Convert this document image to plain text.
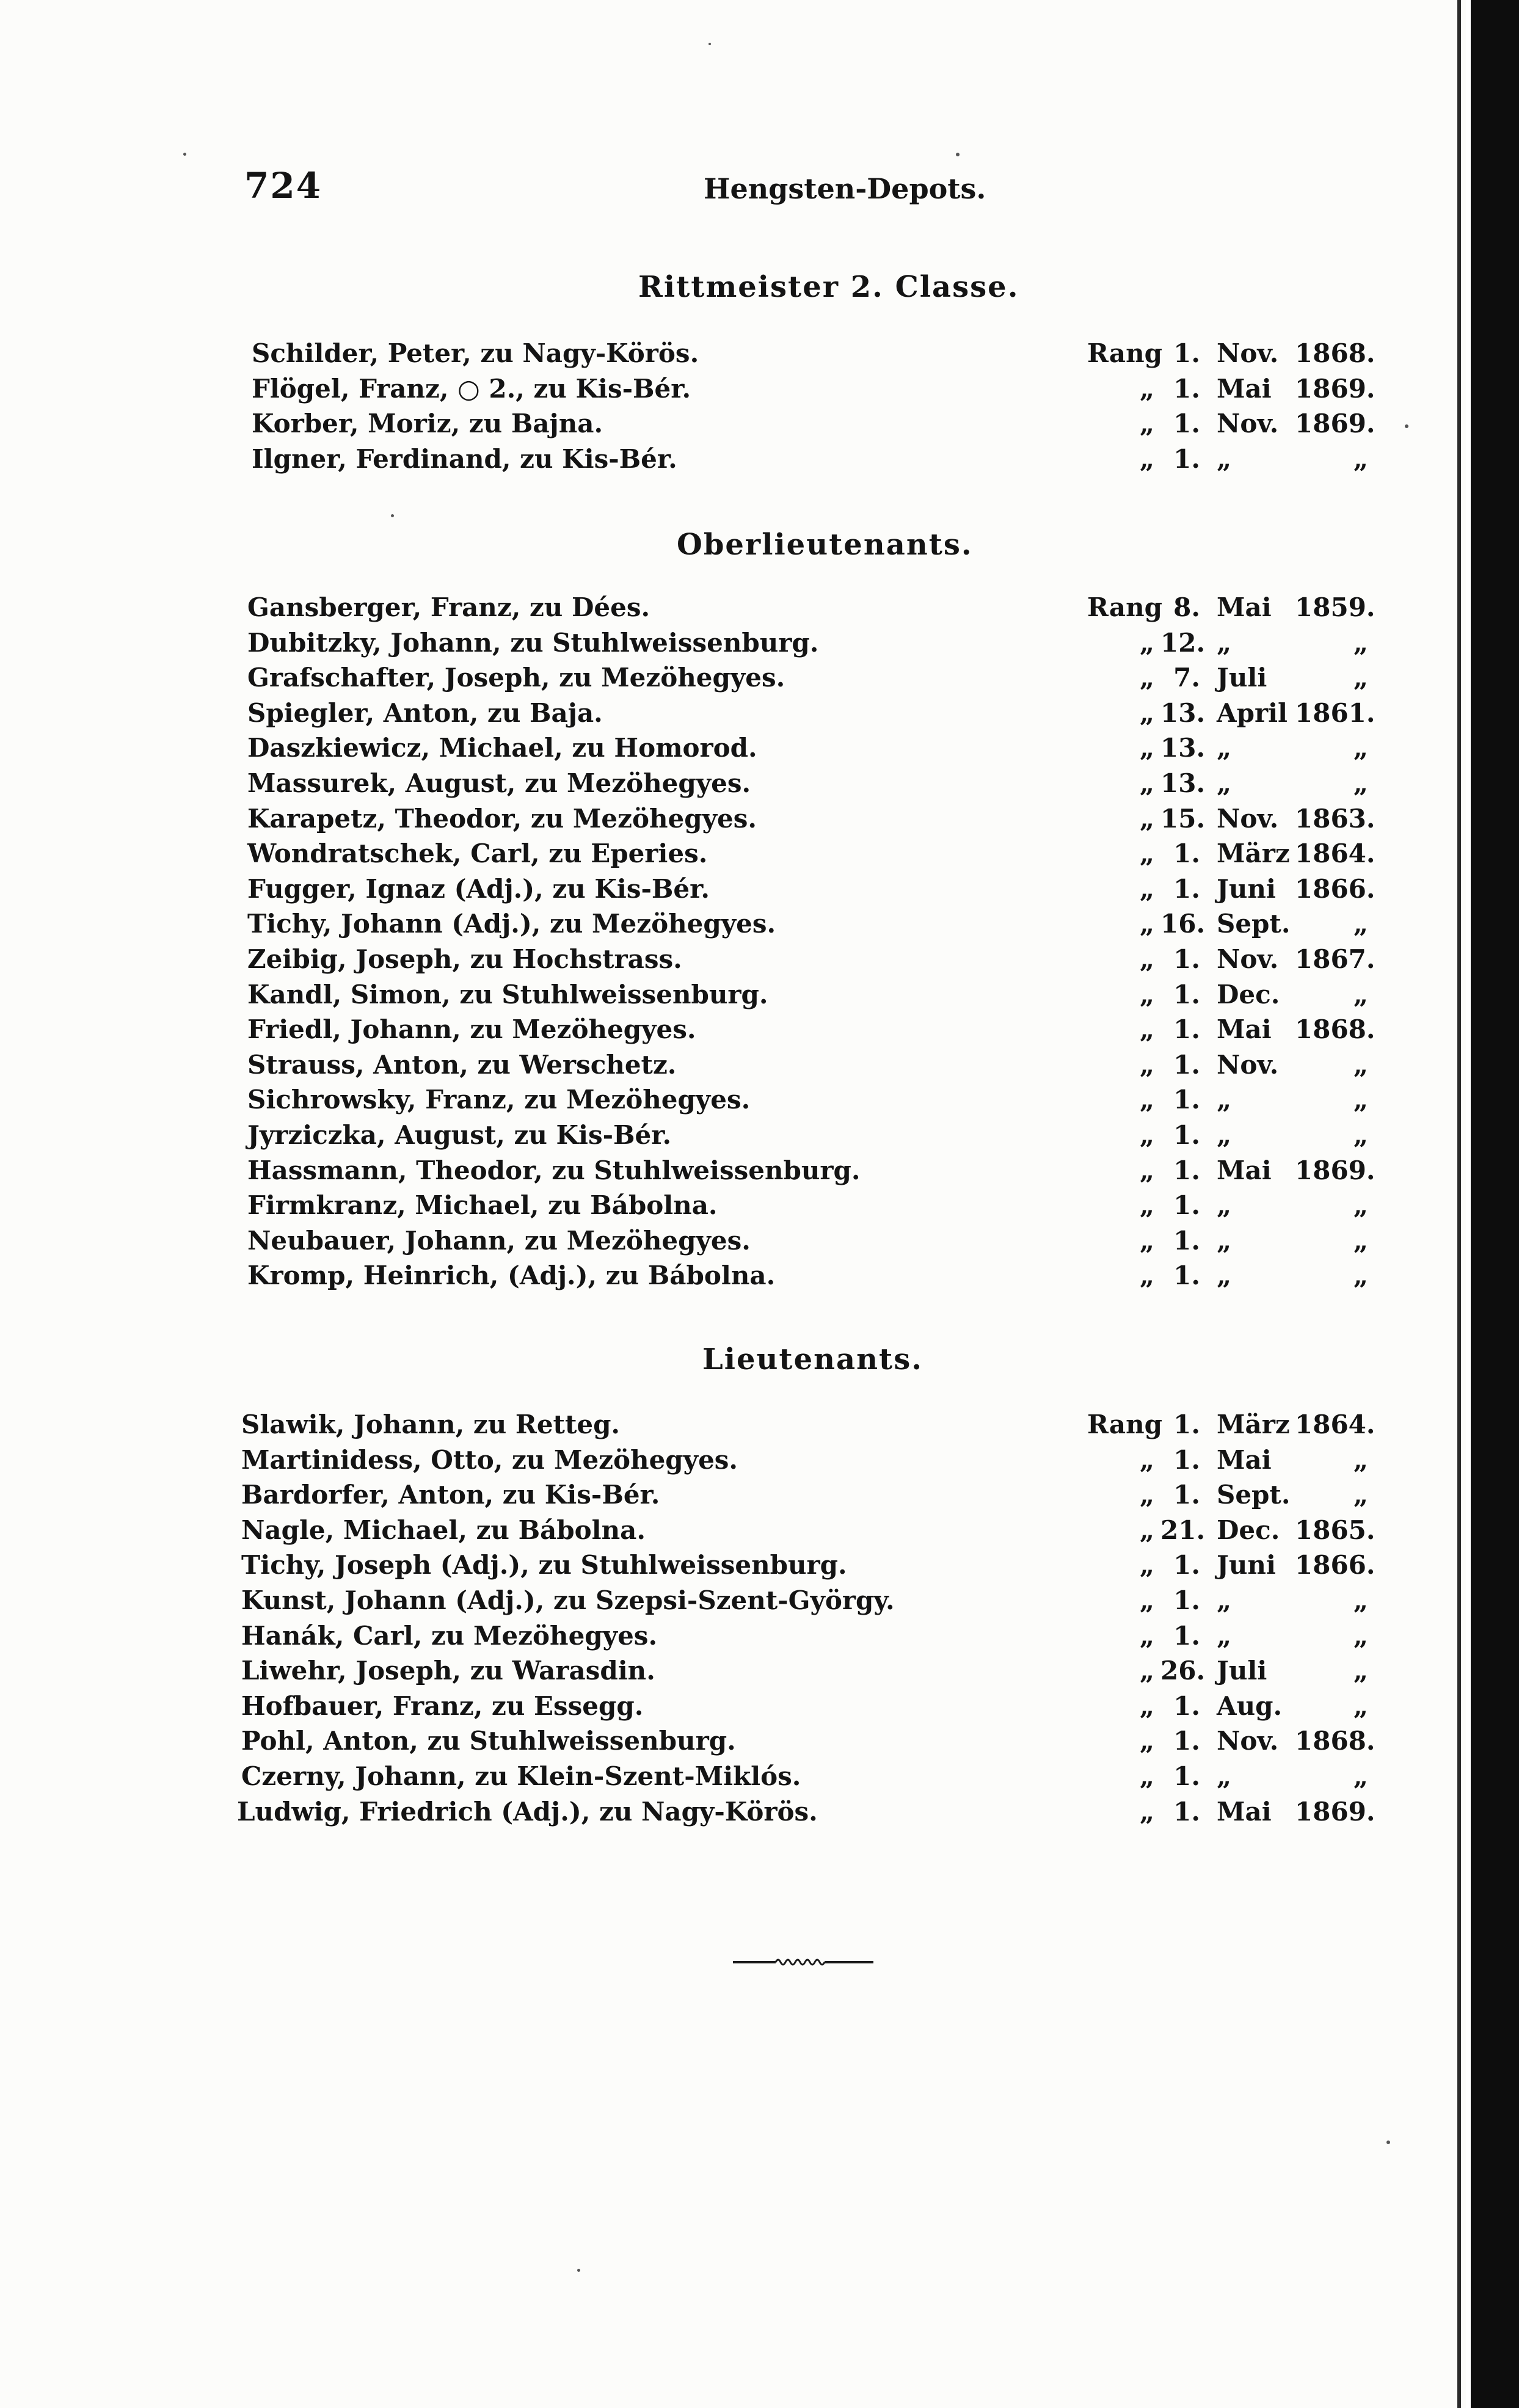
724	Hengsten-Depots.
Rittmeister 2. Classe.
Schilder, Peter, zu Nagy-Körös.	Rang 1. Nov. 1868.
Flögel, Franz, ○ 2., zu Kis-Bér.	„ 1. Mai 1869.
Korber, Moriz, zu Bajna.	„ 1. Nov. 1869.
Ilgner, Ferdinand, zu Kis-Bér.	„ 1. „	„
Oberlieutenants.
Gansberger, Franz, zu Dées.	Rang 8. Mai 1859.
Dubitzky, Johann, zu Stuhlweissenburg.	„ 12. „	„
Grafschafter, Joseph, zu Mezöhegyes.	„ 7. Juli	„
Spiegler, Anton, zu Baja.	„ 13. April 1861.
Daszkiewicz, Michael, zu Homorod.	„ 13. „	„
Massurek, August, zu Mezöhegyes.	„ 13. „	„
Karapetz, Theodor, zu Mezöhegyes.	„ 15. Nov. 1863.
Wondratschek, Carl, zu Eperies.	„ 1. März 1864.
Fugger, Ignaz (Adj.), zu Kis-Bér.	„ 1. Juni 1866.
Tichy, Johann (Adj.), zu Mezöhegyes.	„ 16. Sept.	„
Zeibig, Joseph, zu Hochstrass.	„ 1. Nov. 1867.
Kandl, Simon, zu Stuhlweissenburg.	„ 1. Dec.	„
Friedl, Johann, zu Mezöhegyes.	„ 1. Mai 1868.
Strauss, Anton, zu Werschetz.	„ 1. Nov.	„
Sichrowsky, Franz, zu Mezöhegyes.	„ 1. „	„
Jyrziczka, August, zu Kis-Bér.	„ 1. „	„
Hassmann, Theodor, zu Stuhlweissenburg.	„ 1. Mai 1869.
Firmkranz, Michael, zu Bábolna.	„ 1. „	„
Neubauer, Johann, zu Mezöhegyes.	„ 1. „	„
Kromp, Heinrich, (Adj.), zu Bábolna.	„ 1. „	„
Lieutenants.
Slawik, Johann, zu Retteg.	Rang 1. März 1864.
Martinidess, Otto, zu Mezöhegyes.	„ 1. Mai	„
Bardorfer, Anton, zu Kis-Bér.	„ 1. Sept.	„
Nagle, Michael, zu Bábolna.	„ 21. Dec. 1865.
Tichy, Joseph (Adj.), zu Stuhlweissenburg.	„ 1. Juni 1866.
Kunst, Johann (Adj.), zu Szepsi-Szent-György.	„ 1. „	„
Hanák, Carl, zu Mezöhegyes.	„ 1. „	„
Liwehr, Joseph, zu Warasdin.	„ 26. Juli	„
Hofbauer, Franz, zu Essegg.	„ 1. Aug.	„
Pohl, Anton, zu Stuhlweissenburg.	„ 1. Nov. 1868.
Czerny, Johann, zu Klein-Szent-Miklós.	„ 1. „	„
Ludwig, Friedrich (Adj.), zu Nagy-Körös.	„ 1. Mai 1869.
